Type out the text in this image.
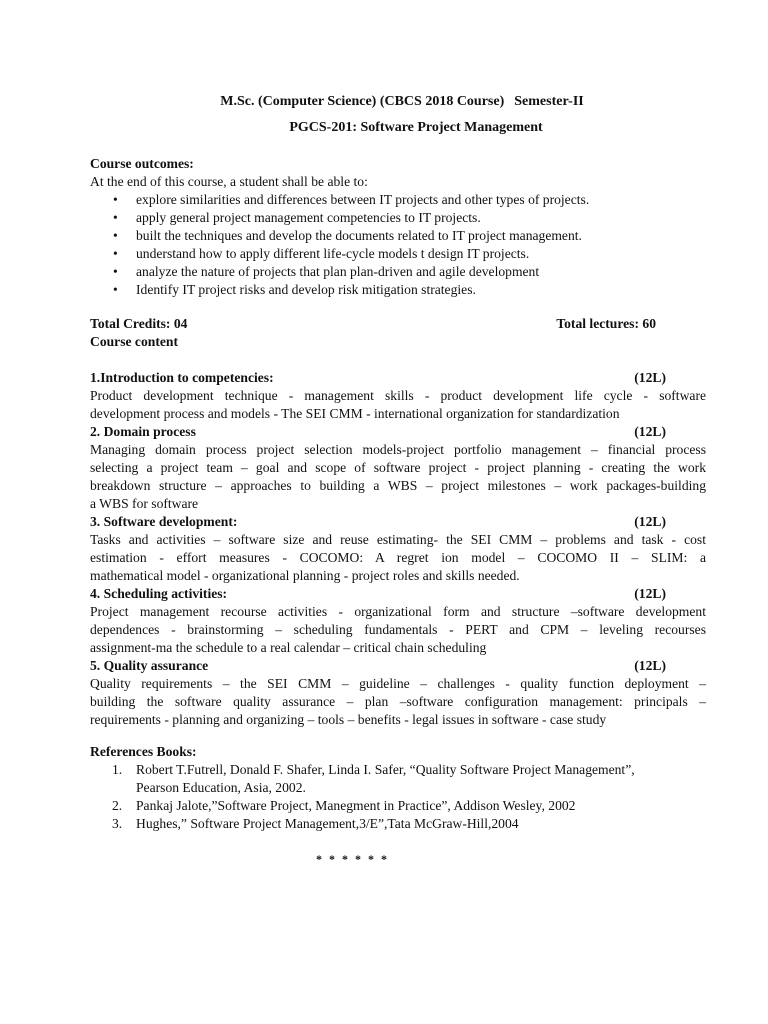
M.Sc. (Computer Science) (CBCS 2018 Course) Semester-II
PGCS-201: Software Project Management
Course outcomes:
At the end of this course, a student shall be able to:
• explore similarities and differences between IT projects and other types of projects.
• apply general project management competencies to IT projects.
• built the techniques and develop the documents related to IT project management.
• understand how to apply different life-cycle models t design IT projects.
• analyze the nature of projects that plan plan-driven and agile development
• Identify IT project risks and develop risk mitigation strategies.
Total Credits: 04	Total lectures: 60
Course content
1.Introduction to competencies:	(12L)
Product development technique - management skills - product development life cycle - software
development process and models - The SEI CMM - international organization for standardization
2. Domain process	(12L)
Managing domain process project selection models-project portfolio management – financial process
selecting a project team – goal and scope of software project - project planning - creating the work
breakdown structure – approaches to building a WBS – project milestones – work packages-building
a WBS for software
3. Software development:	(12L)
Tasks and activities – software size and reuse estimating- the SEI CMM – problems and task - cost
estimation - effort measures - COCOMO: A regret ion model – COCOMO II – SLIM: a
mathematical model - organizational planning - project roles and skills needed.
4. Scheduling activities:	(12L)
Project management recourse activities - organizational form and structure –software development
dependences - brainstorming – scheduling fundamentals - PERT and CPM – leveling recourses
assignment-ma the schedule to a real calendar – critical chain scheduling
5. Quality assurance	(12L)
Quality requirements – the SEI CMM – guideline – challenges - quality function deployment –
building the software quality assurance – plan –software configuration management: principals –
requirements - planning and organizing – tools – benefits - legal issues in software - case study
References Books:
1. Robert T.Futrell, Donald F. Shafer, Linda I. Safer, “Quality Software Project Management”,
Pearson Education, Asia, 2002.
2. Pankaj Jalote,”Software Project, Manegment in Practice”, Addison Wesley, 2002
3. Hughes,” Software Project Management,3/E”,Tata McGraw-Hill,2004
* * * * * *
